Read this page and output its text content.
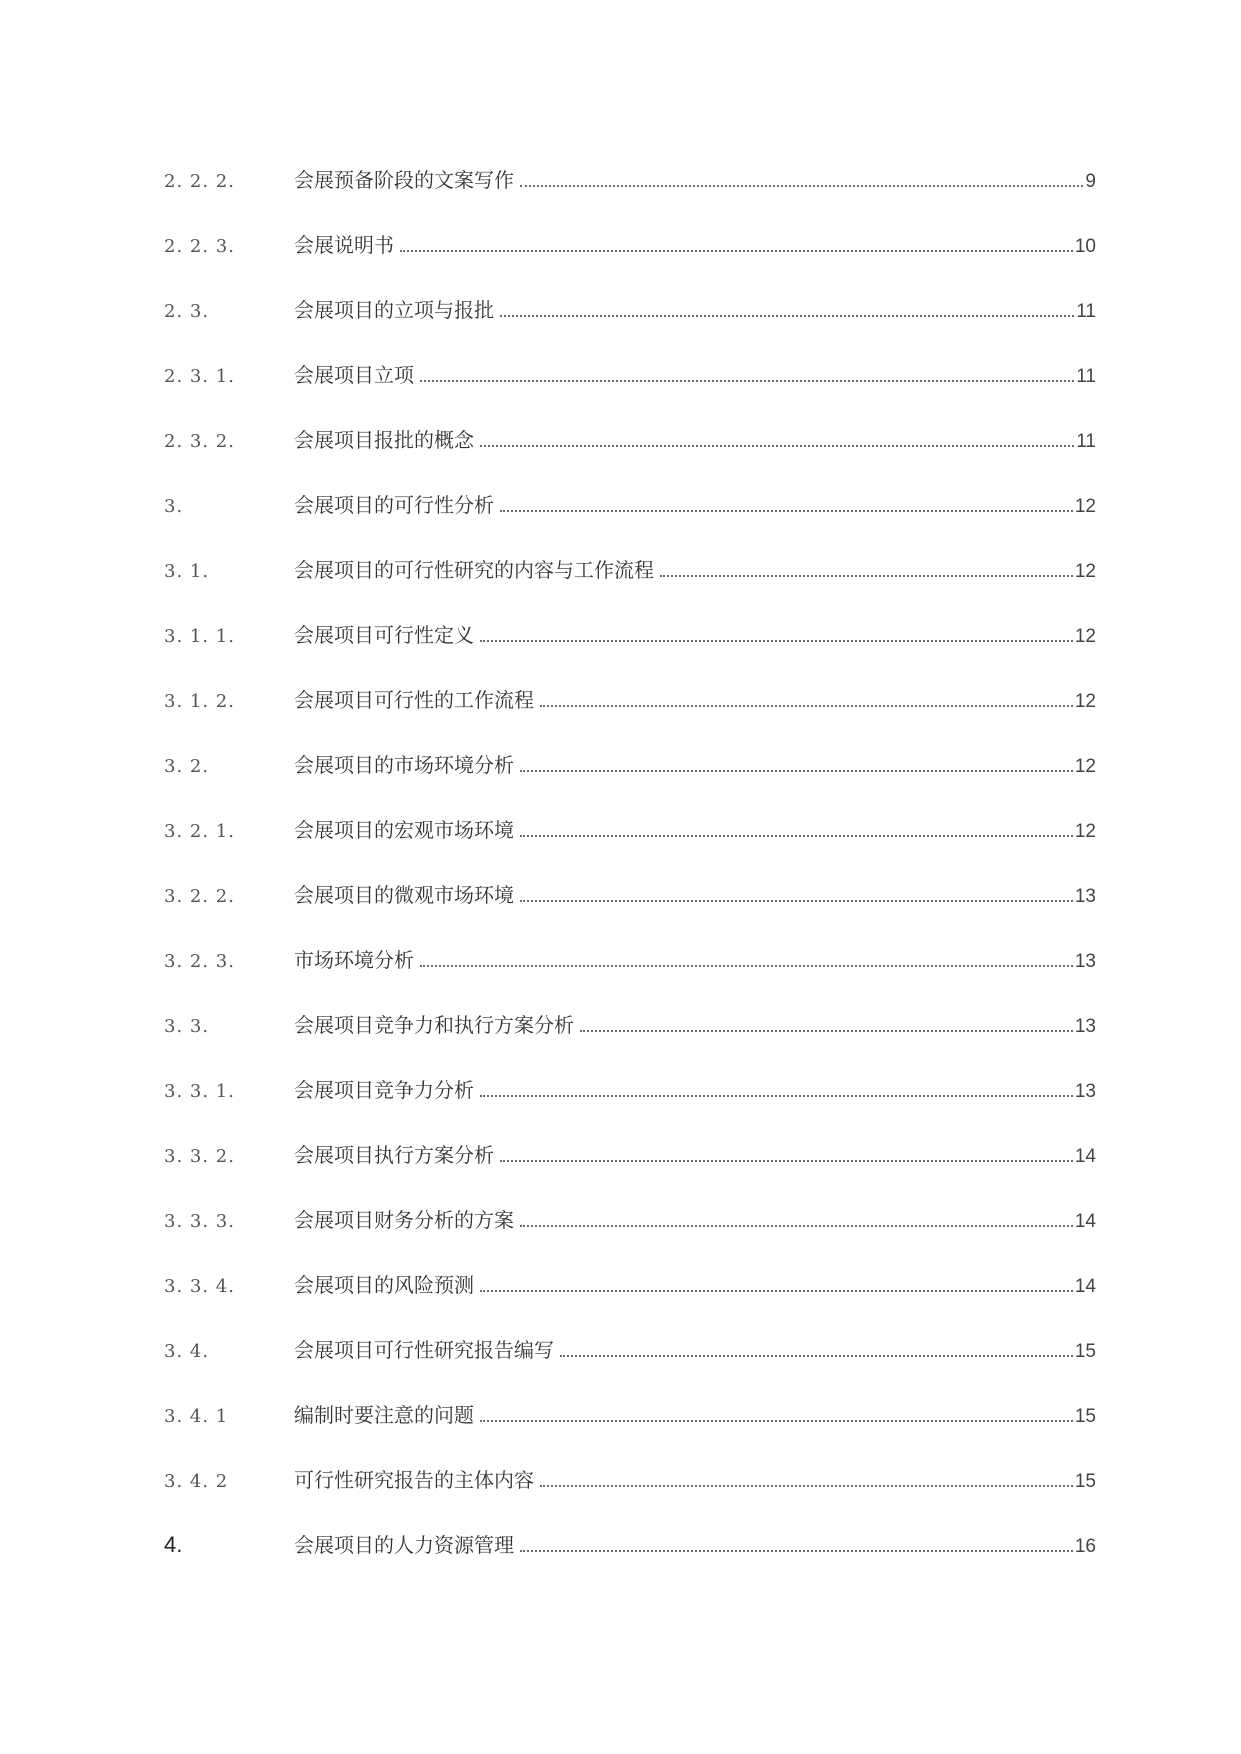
2. 2. 2.	会展预备阶段的文案写作	9
2. 2. 3.	会展说明书	10
2. 3.	会展项目的立项与报批	11
2. 3. 1.	会展项目立项	11
2. 3. 2.	会展项目报批的概念	11
3.	会展项目的可行性分析	12
3. 1.	会展项目的可行性研究的内容与工作流程	12
3. 1. 1.	会展项目可行性定义	12
3. 1. 2.	会展项目可行性的工作流程	12
3. 2.	会展项目的市场环境分析	12
3. 2. 1.	会展项目的宏观市场环境	12
3. 2. 2.	会展项目的微观市场环境	13
3. 2. 3.	市场环境分析	13
3. 3.	会展项目竞争力和执行方案分析	13
3. 3. 1.	会展项目竞争力分析	13
3. 3. 2.	会展项目执行方案分析	14
3. 3. 3.	会展项目财务分析的方案	14
3. 3. 4.	会展项目的风险预测	14
3. 4.	会展项目可行性研究报告编写	15
3. 4. 1	编制时要注意的问题	15
3. 4. 2	可行性研究报告的主体内容	15
4.	会展项目的人力资源管理	16
